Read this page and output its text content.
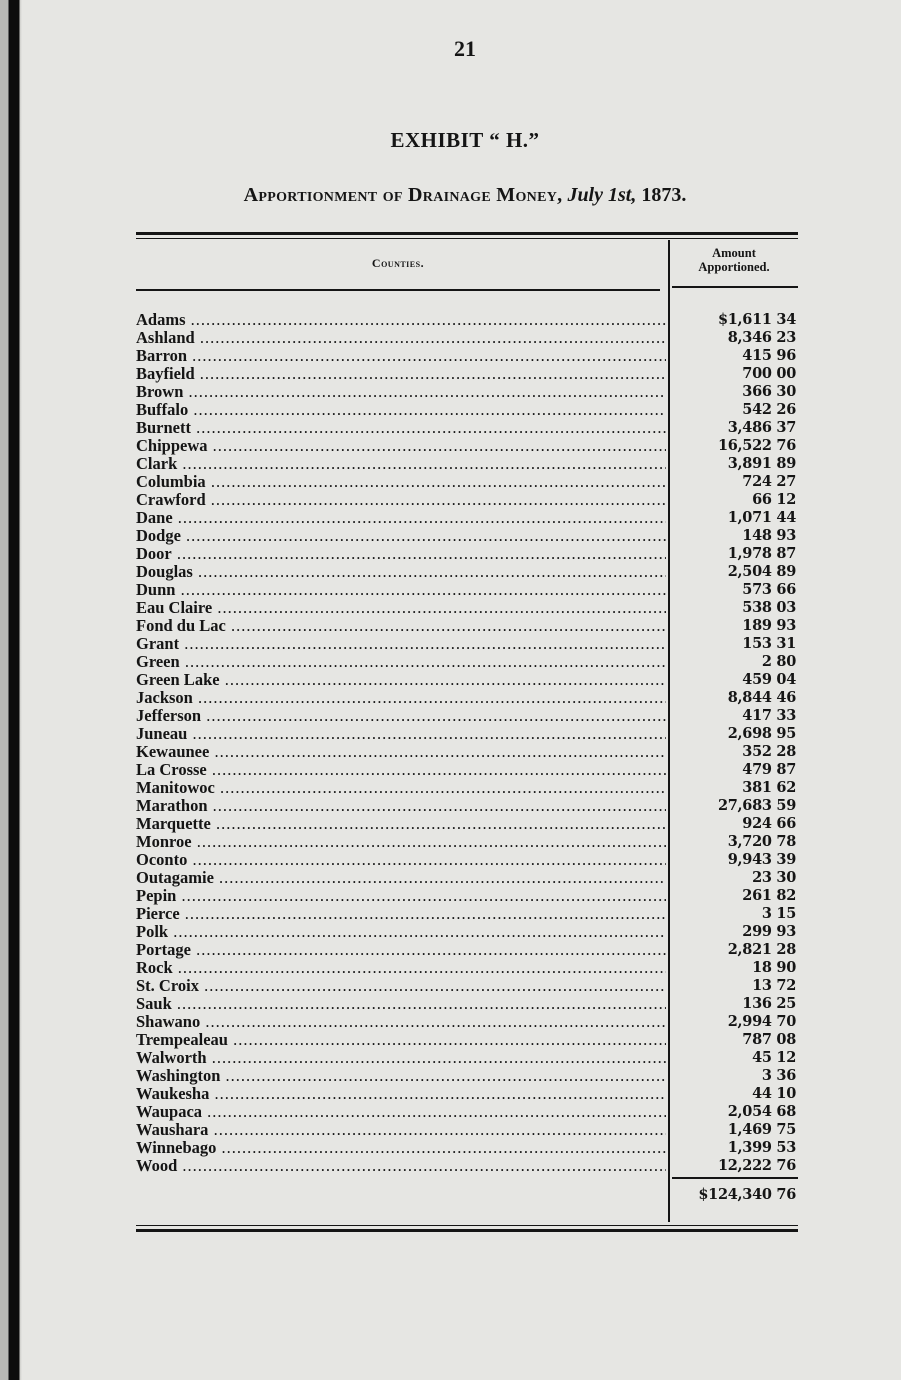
21
EXHIBIT “ H.”
Apportionment of Drainage Money, July 1st, 1873.
Counties.
Amount
Apportioned.
Adams .....	$1,611 34
Ashland .....	8,346 23
Barron .....	415 96
Bayfield .....	700 00
Brown .....	366 30
Buffalo .....	542 26
Burnett .....	3,486 37
Chippewa .....	16,522 76
Clark .....	3,891 89
Columbia .....	724 27
Crawford .....	66 12
Dane .....	1,071 44
Dodge .....	148 93
Door .....	1,978 87
Douglas .....	2,504 89
Dunn .....	573 66
Eau Claire .....	538 03
Fond du Lac .....	189 93
Grant .....	153 31
Green .....	2 80
Green Lake .....	459 04
Jackson .....	8,844 46
Jefferson .....	417 33
Juneau .....	2,698 95
Kewaunee .....	352 28
La Crosse .....	479 87
Manitowoc .....	381 62
Marathon .....	27,683 59
Marquette .....	924 66
Monroe .....	3,720 78
Oconto .....	9,943 39
Outagamie .....	23 30
Pepin .....	261 82
Pierce .....	3 15
Polk .....	299 93
Portage .....	2,821 28
Rock .....	18 90
St. Croix .....	13 72
Sauk .....	136 25
Shawano .....	2,994 70
Trempealeau .....	787 08
Walworth .....	45 12
Washington .....	3 36
Waukesha .....	44 10
Waupaca .....	2,054 68
Waushara .....	1,469 75
Winnebago .....	1,399 53
Wood .....	12,222 76
$124,340 76
